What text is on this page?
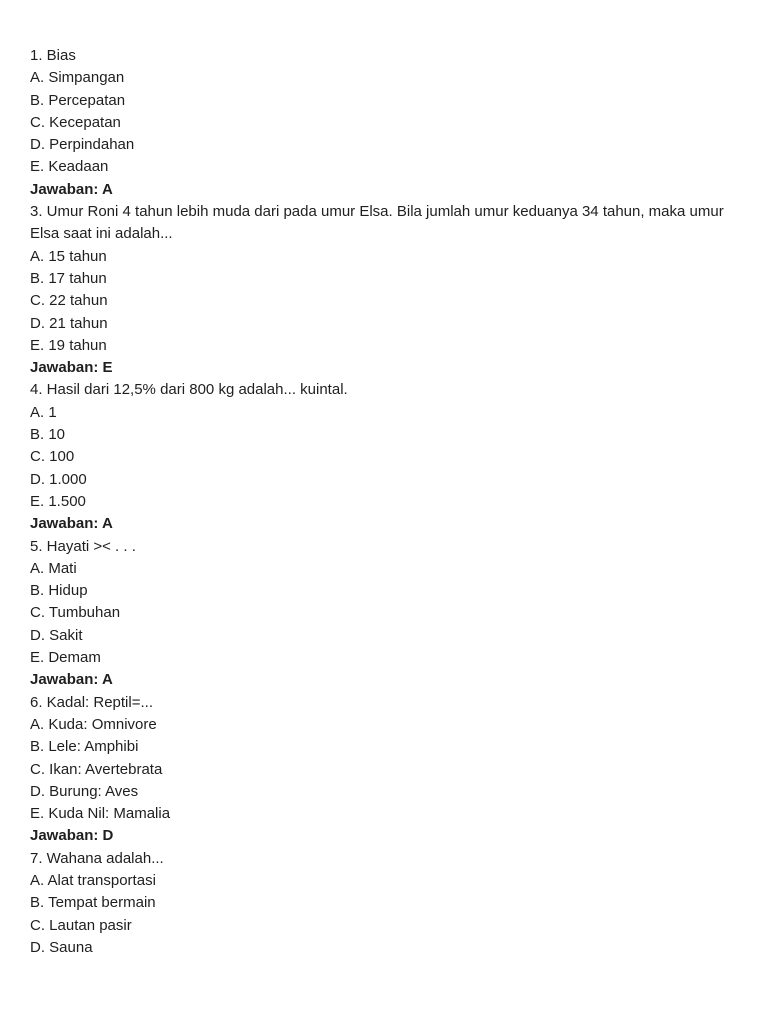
1. Bias

A. Simpangan

B. Percepatan

C. Kecepatan

D. Perpindahan

E. Keadaan

Jawaban: A

3. Umur Roni 4 tahun lebih muda dari pada umur Elsa. Bila jumlah umur keduanya 34 tahun, maka umur Elsa saat ini adalah...

A. 15 tahun

B. 17 tahun

C. 22 tahun

D. 21 tahun

E. 19 tahun

Jawaban: E

4. Hasil dari 12,5% dari 800 kg adalah... kuintal.

A. 1

B. 10

C. 100

D. 1.000

E. 1.500

Jawaban: A

5. Hayati >< . . .

A. Mati

B. Hidup

C. Tumbuhan

D. Sakit

E. Demam

Jawaban: A

6. Kadal: Reptil=...

A. Kuda: Omnivore

B. Lele: Amphibi

C. Ikan: Avertebrata

D. Burung: Aves

E. Kuda Nil: Mamalia

Jawaban: D

7. Wahana adalah...

A. Alat transportasi

B. Tempat bermain

C. Lautan pasir

D. Sauna
